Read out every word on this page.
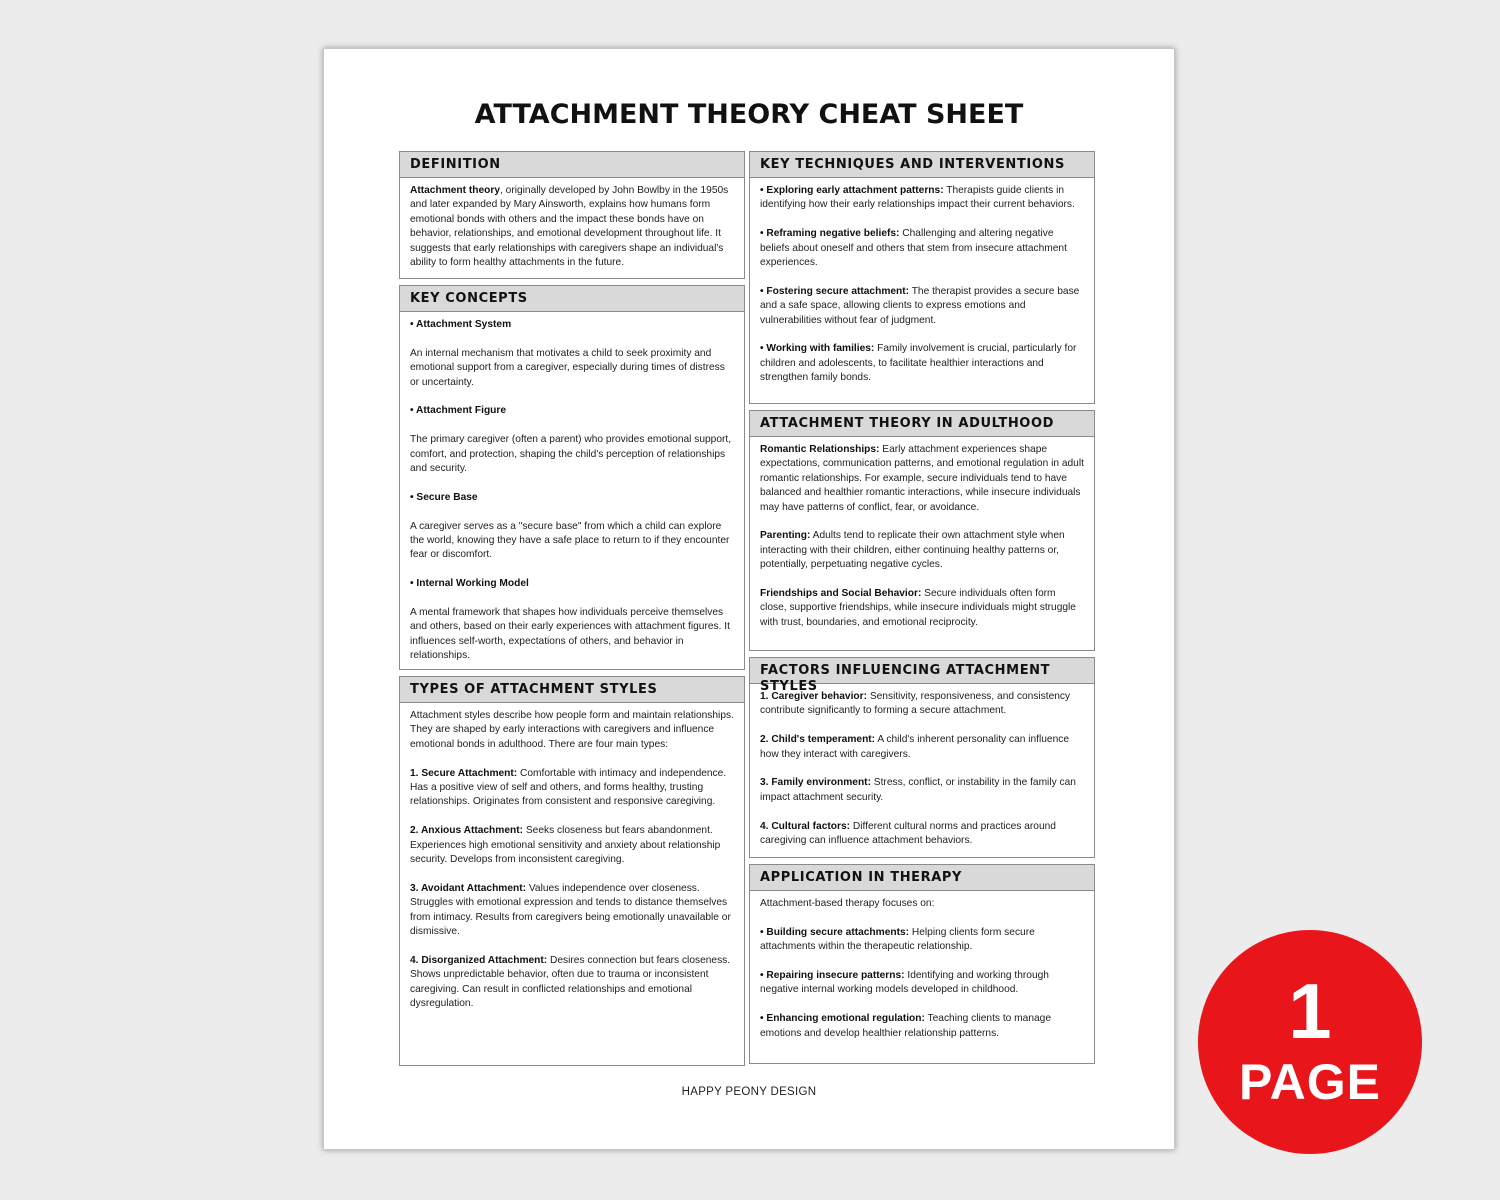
ATTACHMENT THEORY CHEAT SHEET
DEFINITION

Attachment theory, originally developed by John Bowlby in the 1950s and later expanded by Mary Ainsworth, explains how humans form emotional bonds with others and the impact these bonds have on behavior, relationships, and emotional development throughout life. It suggests that early relationships with caregivers shape an individual's ability to form healthy attachments in the future.

KEY CONCEPTS

• Attachment System

An internal mechanism that motivates a child to seek proximity and emotional support from a caregiver, especially during times of distress or uncertainty.

• Attachment Figure

The primary caregiver (often a parent) who provides emotional support, comfort, and protection, shaping the child's perception of relationships and security.

• Secure Base

A caregiver serves as a "secure base" from which a child can explore the world, knowing they have a safe place to return to if they encounter fear or discomfort.

• Internal Working Model

A mental framework that shapes how individuals perceive themselves and others, based on their early experiences with attachment figures. It influences self-worth, expectations of others, and behavior in relationships.

TYPES OF ATTACHMENT STYLES

Attachment styles describe how people form and maintain relationships. They are shaped by early interactions with caregivers and influence emotional bonds in adulthood. There are four main types:

1. Secure Attachment: Comfortable with intimacy and independence. Has a positive view of self and others, and forms healthy, trusting relationships. Originates from consistent and responsive caregiving.

2. Anxious Attachment: Seeks closeness but fears abandonment. Experiences high emotional sensitivity and anxiety about relationship security. Develops from inconsistent caregiving.

3. Avoidant Attachment: Values independence over closeness. Struggles with emotional expression and tends to distance themselves from intimacy. Results from caregivers being emotionally unavailable or dismissive.

4. Disorganized Attachment: Desires connection but fears closeness. Shows unpredictable behavior, often due to trauma or inconsistent caregiving. Can result in conflicted relationships and emotional dysregulation.

KEY TECHNIQUES AND INTERVENTIONS

• Exploring early attachment patterns: Therapists guide clients in identifying how their early relationships impact their current behaviors.

• Reframing negative beliefs: Challenging and altering negative beliefs about oneself and others that stem from insecure attachment experiences.

• Fostering secure attachment: The therapist provides a secure base and a safe space, allowing clients to express emotions and vulnerabilities without fear of judgment.

• Working with families: Family involvement is crucial, particularly for children and adolescents, to facilitate healthier interactions and strengthen family bonds.

ATTACHMENT THEORY IN ADULTHOOD

Romantic Relationships: Early attachment experiences shape expectations, communication patterns, and emotional regulation in adult romantic relationships. For example, secure individuals tend to have balanced and healthier romantic interactions, while insecure individuals may have patterns of conflict, fear, or avoidance.

Parenting: Adults tend to replicate their own attachment style when interacting with their children, either continuing healthy patterns or, potentially, perpetuating negative cycles.

Friendships and Social Behavior: Secure individuals often form close, supportive friendships, while insecure individuals might struggle with trust, boundaries, and emotional reciprocity.

FACTORS INFLUENCING ATTACHMENT STYLES

1. Caregiver behavior: Sensitivity, responsiveness, and consistency contribute significantly to forming a secure attachment.

2. Child's temperament: A child's inherent personality can influence how they interact with caregivers.

3. Family environment: Stress, conflict, or instability in the family can impact attachment security.

4. Cultural factors: Different cultural norms and practices around caregiving can influence attachment behaviors.

APPLICATION IN THERAPY

Attachment-based therapy focuses on:

• Building secure attachments: Helping clients form secure attachments within the therapeutic relationship.

• Repairing insecure patterns: Identifying and working through negative internal working models developed in childhood.

• Enhancing emotional regulation: Teaching clients to manage emotions and develop healthier relationship patterns.

HAPPY PEONY DESIGN
1
PAGE
